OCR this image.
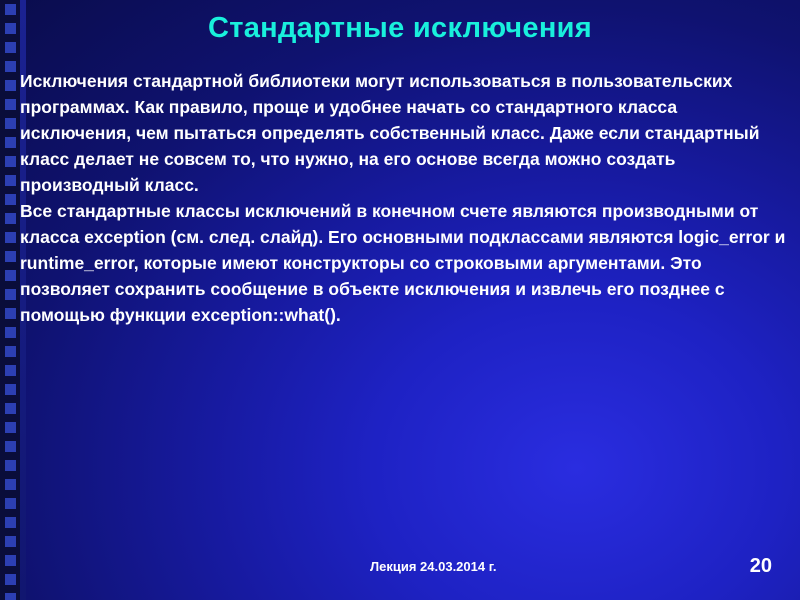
Стандартные исключения
Исключения стандартной библиотеки могут использоваться в пользовательских программах. Как правило, проще и удобнее начать со стандартного класса исключения, чем пытаться определять собственный класс. Даже если стандартный класс делает не совсем то, что нужно, на его основе всегда можно создать производный класс.
Все стандартные классы исключений в конечном счете являются производными от класса exception (см. след. слайд). Его основными подклассами являются logic_error и runtime_error, которые имеют конструкторы со строковыми аргументами. Это позволяет сохранить сообщение в объекте исключения и извлечь его позднее с помощью функции exception::what().
Лекция 24.03.2014 г.	20
